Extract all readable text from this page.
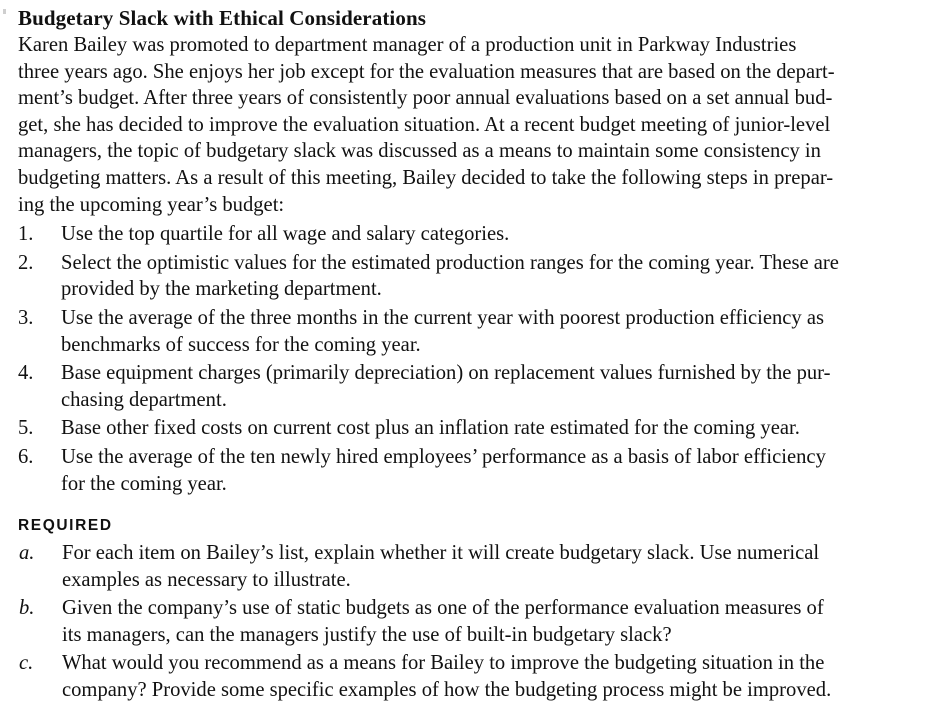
Budgetary Slack with Ethical Considerations
Karen Bailey was promoted to department manager of a production unit in Parkway Industries
three years ago. She enjoys her job except for the evaluation measures that are based on the depart-
ment’s budget. After three years of consistently poor annual evaluations based on a set annual bud-
get, she has decided to improve the evaluation situation. At a recent budget meeting of junior-level
managers, the topic of budgetary slack was discussed as a means to maintain some consistency in
budgeting matters. As a result of this meeting, Bailey decided to take the following steps in prepar-
ing the upcoming year’s budget:
1.	Use the top quartile for all wage and salary categories.
2.	Select the optimistic values for the estimated production ranges for the coming year. These are
provided by the marketing department.
3.	Use the average of the three months in the current year with poorest production efficiency as
benchmarks of success for the coming year.
4.	Base equipment charges (primarily depreciation) on replacement values furnished by the pur-
chasing department.
5.	Base other fixed costs on current cost plus an inflation rate estimated for the coming year.
6.	Use the average of the ten newly hired employees’ performance as a basis of labor efficiency
for the coming year.
REQUIRED
a.	For each item on Bailey’s list, explain whether it will create budgetary slack. Use numerical
examples as necessary to illustrate.
b.	Given the company’s use of static budgets as one of the performance evaluation measures of
its managers, can the managers justify the use of built-in budgetary slack?
c.	What would you recommend as a means for Bailey to improve the budgeting situation in the
company? Provide some specific examples of how the budgeting process might be improved.
